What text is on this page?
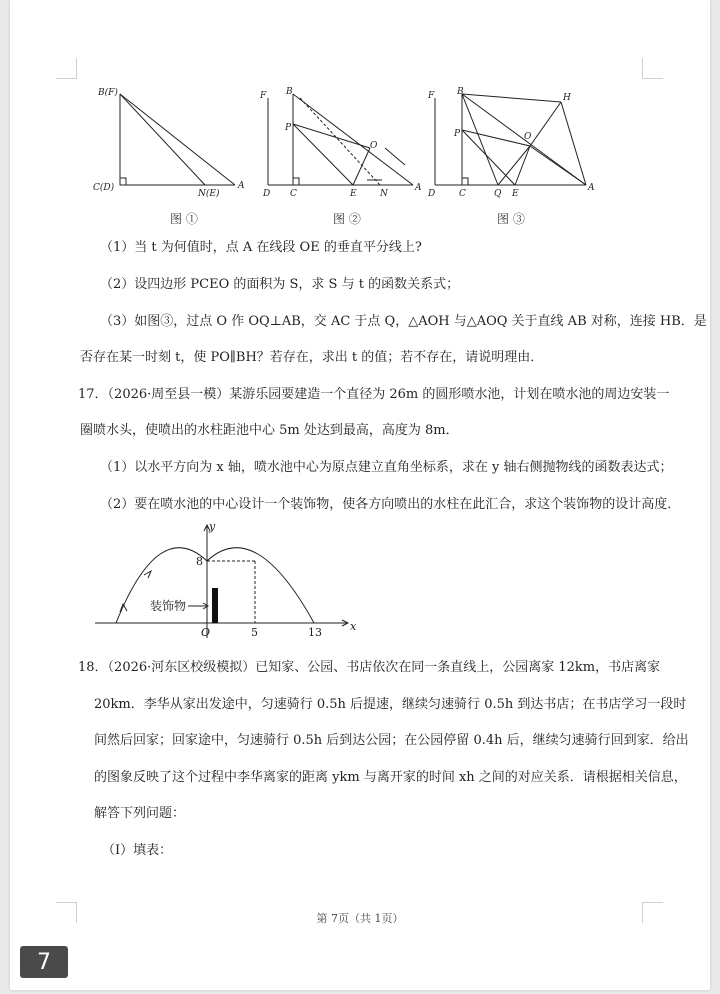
B(F)
C(D)
N(E)
A
F B
P
O
D C	E	N
A
F	B
H
P	O
D	C	Q E
A
图 ①	图 ②	图 ③
（1）当 t 为何值时，点 A 在线段 OE 的垂直平分线上?
（2）设四边形 PCEO 的面积为 S，求 S 与 t 的函数关系式；
（3）如图③，过点 O 作 OQ⊥AB，交 AC 于点 Q，△AOH 与△AOQ 关于直线 AB 对称，连接 HB．是
否存在某一时刻 t，使 PO∥BH？若存在，求出 t 的值；若不存在，请说明理由．
17．（2026·周至县一模）某游乐园要建造一个直径为 26m 的圆形喷水池，计划在喷水池的周边安装一
圈喷水头，使喷出的水柱距池中心 5m 处达到最高，高度为 8m．
（1）以水平方向为 x 轴，喷水池中心为原点建立直角坐标系，求在 y 轴右侧抛物线的函数表达式；
（2）要在喷水池的中心设计一个装饰物，使各方向喷出的水柱在此汇合，求这个装饰物的设计高度．
y
x
O
8
5	13
装饰物
18．（2026·河东区校级模拟）已知家、公园、书店依次在同一条直线上，公园离家 12km，书店离家
20km．李华从家出发途中，匀速骑行 0.5h 后提速，继续匀速骑行 0.5h 到达书店；在书店学习一段时
间然后回家；回家途中，匀速骑行 0.5h 后到达公园；在公园停留 0.4h 后，继续匀速骑行回到家．给出
的图象反映了这个过程中李华离家的距离 ykm 与离开家的时间 xh 之间的对应关系．请根据相关信息，
解答下列问题：
（I）填表：
第 7页（共 1页）
7
